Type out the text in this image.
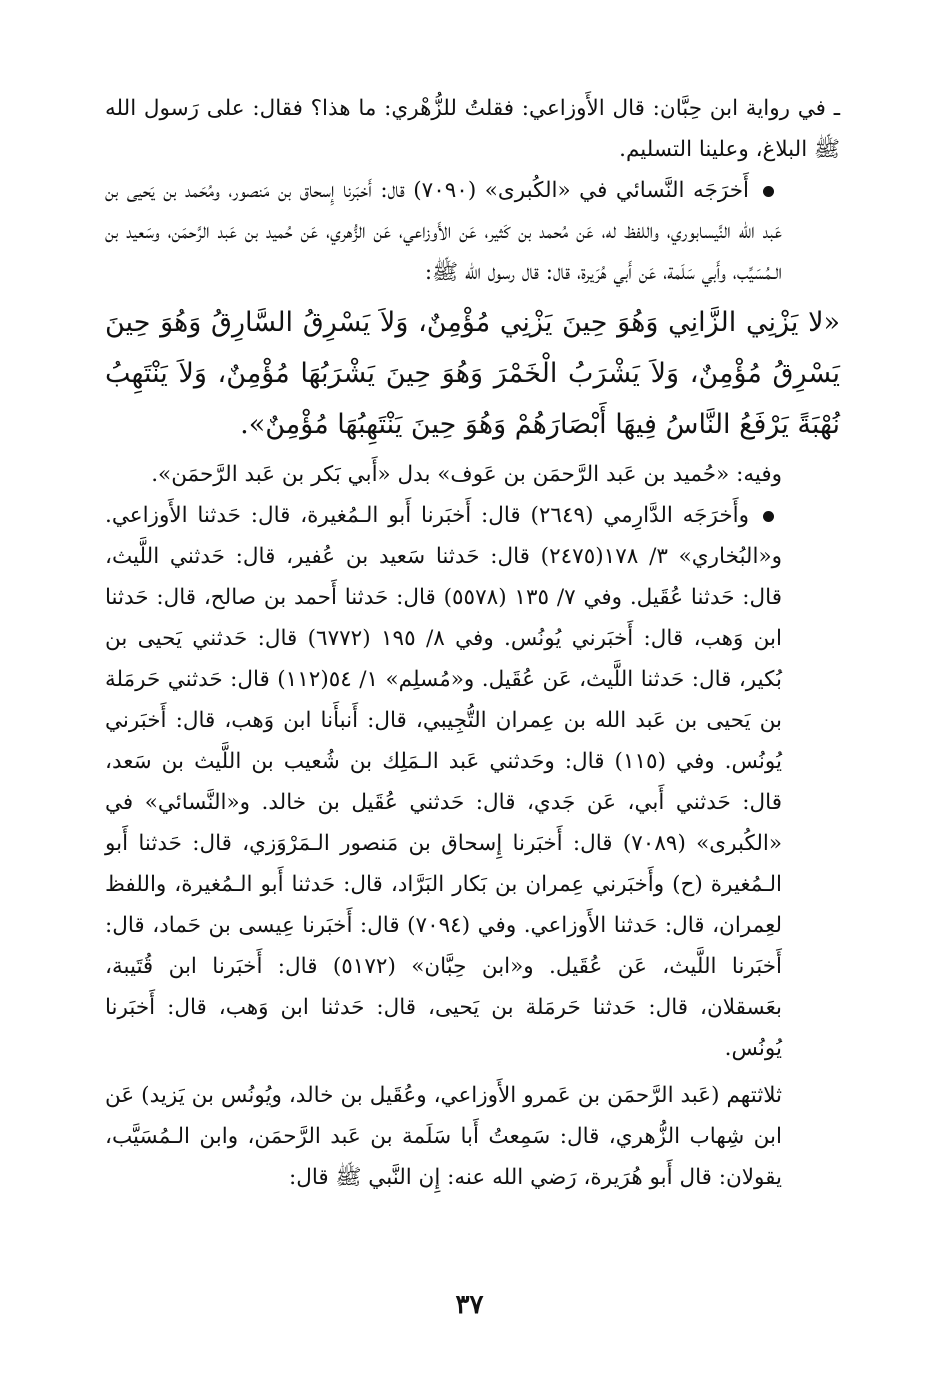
ـ في رواية ابن حِبَّان: قال الأَوزاعي: فقلتُ للزُّهْري: ما هذا؟ فقال: على رَسول الله ﷺ البلاغ، وعلينا التسليم.

أَخرَجَه النَّسائي في «الكُبرى» (٧٠٩٠) قال: أَخبَرنا إِسحاق بن مَنصور، ومُحَمد بن يَحيى بن عَبد الله النَّيسابوري، واللفظ له، عَن مُحمد بن كَثير، عَن الأَوزاعي، عَن الزُّهري، عَن حُميد بن عَبد الرَّحمَن، وسَعيد بن الـمُسَيِّب، وأَبي سَلَمة، عَن أَبي هُرَيرة، قال: قال رسول الله ﷺ:

«لا يَزْنِي الزَّانِي وَهُوَ حِينَ يَزْنِي مُؤْمِنٌ، وَلاَ يَسْرِقُ السَّارِقُ وَهُوَ حِينَ يَسْرِقُ مُؤْمِنٌ، وَلاَ يَشْرَبُ الْخَمْرَ وَهُوَ حِينَ يَشْرَبُهَا مُؤْمِنٌ، وَلاَ يَنْتَهِبُ نُهْبَةً يَرْفَعُ النَّاسُ فِيهَا أَبْصَارَهُمْ وَهُوَ حِينَ يَنْتَهِبُهَا مُؤْمِنٌ».

وفيه: «حُميد بن عَبد الرَّحمَن بن عَوف» بدل «أَبي بَكر بن عَبد الرَّحمَن».

وأَخرَجَه الدَّارِمي (٢٦٤٩) قال: أَخبَرنا أَبو الـمُغيرة، قال: حَدثنا الأَوزاعي. و«البُخاري» ٣/ ١٧٨(٢٤٧٥) قال: حَدثنا سَعيد بن عُفير، قال: حَدثني اللَّيث، قال: حَدثنا عُقَيل. وفي ٧/ ١٣٥ (٥٥٧٨) قال: حَدثنا أَحمد بن صالح، قال: حَدثنا ابن وَهب، قال: أَخبَرني يُونُس. وفي ٨/ ١٩٥ (٦٧٧٢) قال: حَدثني يَحيى بن بُكير، قال: حَدثنا اللَّيث، عَن عُقَيل. و«مُسلِم» ١/ ٥٤(١١٢) قال: حَدثني حَرمَلة بن يَحيى بن عَبد الله بن عِمران التُّجِيبي، قال: أَنبأَنا ابن وَهب، قال: أَخبَرني يُونُس. وفي (١١٥) قال: وحَدثني عَبد الـمَلِك بن شُعيب بن اللَّيث بن سَعد، قال: حَدثني أَبي، عَن جَدي، قال: حَدثني عُقَيل بن خالد. و«النَّسائي» في «الكُبرى» (٧٠٨٩) قال: أَخبَرنا إِسحاق بن مَنصور الـمَرْوَزي، قال: حَدثنا أَبو الـمُغيرة (ح) وأَخبَرني عِمران بن بَكار البَرَّاد، قال: حَدثنا أَبو الـمُغيرة، واللفظ لعِمران، قال: حَدثنا الأَوزاعي. وفي (٧٠٩٤) قال: أَخبَرنا عِيسى بن حَماد، قال: أَخبَرنا اللَّيث، عَن عُقَيل. و«ابن حِبَّان» (٥١٧٢) قال: أَخبَرنا ابن قُتَيبة، بعَسقلان، قال: حَدثنا حَرمَلة بن يَحيى، قال: حَدثنا ابن وَهب، قال: أَخبَرنا يُونُس.

ثلاثتهم (عَبد الرَّحمَن بن عَمرو الأَوزاعي، وعُقَيل بن خالد، ويُونُس بن يَزيد) عَن ابن شِهاب الزُّهري، قال: سَمِعتُ أَبا سَلَمة بن عَبد الرَّحمَن، وابن الـمُسَيَّب، يقولان: قال أَبو هُرَيرة، رَضي الله عنه: إِن النَّبي ﷺ قال:

٣٧
